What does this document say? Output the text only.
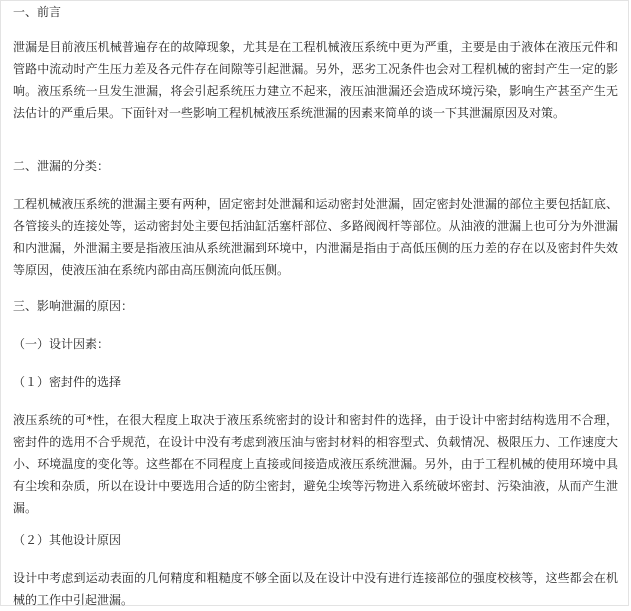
一、前言

泄漏是目前液压机械普遍存在的故障现象，尤其是在工程机械液压系统中更为严重，主要是由于液体在液压元件和管路中流动时产生压力差及各元件存在间隙等引起泄漏。另外，恶劣工况条件也会对工程机械的密封产生一定的影响。液压系统一旦发生泄漏，将会引起系统压力建立不起来，液压油泄漏还会造成环境污染，影响生产甚至产生无法估计的严重后果。下面针对一些影响工程机械液压系统泄漏的因素来简单的谈一下其泄漏原因及对策。

二、泄漏的分类：

工程机械液压系统的泄漏主要有两种，固定密封处泄漏和运动密封处泄漏，固定密封处泄漏的部位主要包括缸底、各管接头的连接处等，运动密封处主要包括油缸活塞杆部位、多路阀阀杆等部位。从油液的泄漏上也可分为外泄漏和内泄漏，外泄漏主要是指液压油从系统泄漏到环境中，内泄漏是指由于高低压侧的压力差的存在以及密封件失效等原因，使液压油在系统内部由高压侧流向低压侧。

三、影响泄漏的原因：

（一）设计因素：

（１）密封件的选择

液压系统的可*性，在很大程度上取决于液压系统密封的设计和密封件的选择，由于设计中密封结构选用不合理，密封件的选用不合乎规范，在设计中没有考虑到液压油与密封材料的相容型式、负载情况、极限压力、工作速度大小、环境温度的变化等。这些都在不同程度上直接或间接造成液压系统泄漏。另外，由于工程机械的使用环境中具有尘埃和杂质，所以在设计中要选用合适的防尘密封，避免尘埃等污物进入系统破坏密封、污染油液，从而产生泄漏。

（２）其他设计原因

设计中考虑到运动表面的几何精度和粗糙度不够全面以及在设计中没有进行连接部位的强度校核等，这些都会在机械的工作中引起泄漏。
